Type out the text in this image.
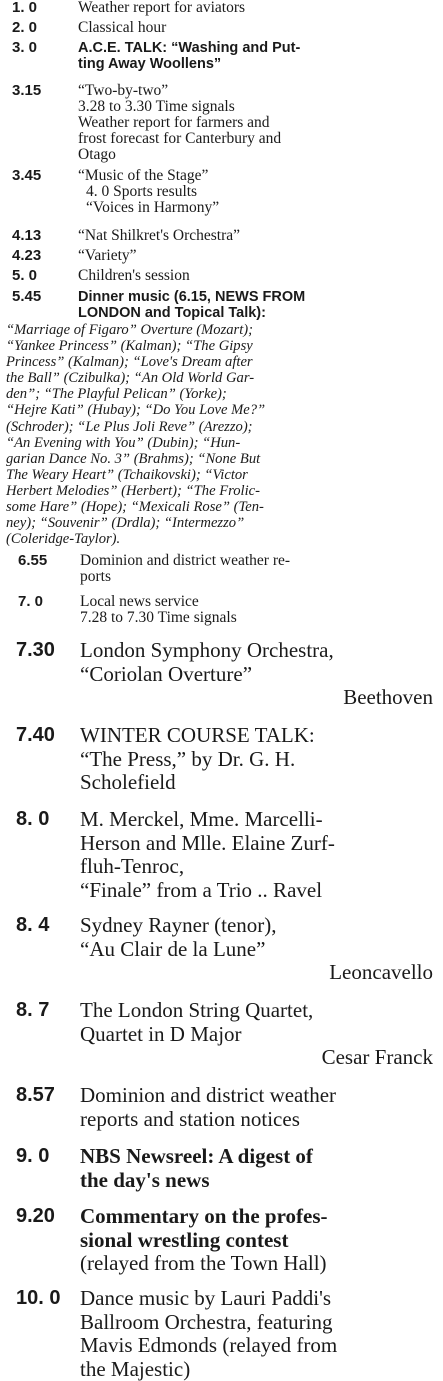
1. 0	Weather report for aviators
2. 0	Classical hour
3. 0	A.C.E. TALK: “Washing and Put-
ting Away Woollens”
3.15	“Two-by-two”
3.28 to 3.30 Time signals
Weather report for farmers and
frost forecast for Canterbury and
Otago
3.45	“Music of the Stage”
4. 0 Sports results
“Voices in Harmony”
4.13	“Nat Shilkret's Orchestra”
4.23	“Variety”
5. 0	Children's session
5.45	Dinner music (6.15, NEWS FROM
LONDON and Topical Talk):
“Marriage of Figaro” Overture (Mozart);
“Yankee Princess” (Kalman); “The Gipsy
Princess” (Kalman); “Love's Dream after
the Ball” (Czibulka); “An Old World Gar-
den”; “The Playful Pelican” (Yorke);
“Hejre Kati” (Hubay); “Do You Love Me?”
(Schroder); “Le Plus Joli Reve” (Arezzo);
“An Evening with You” (Dubin); “Hun-
garian Dance No. 3” (Brahms); “None But
The Weary Heart” (Tchaikovski); “Victor
Herbert Melodies” (Herbert); “The Frolic-
some Hare” (Hope); “Mexicali Rose” (Ten-
ney); “Souvenir” (Drdla); “Intermezzo”
(Coleridge-Taylor).
6.55	Dominion and district weather re-
ports
7. 0	Local news service
7.28 to 7.30 Time signals
7.30	London Symphony Orchestra,
“Coriolan Overture”
Beethoven
7.40	WINTER COURSE TALK:
“The Press,” by Dr. G. H.
Scholefield
8. 0	M. Merckel, Mme. Marcelli-
Herson and Mlle. Elaine Zurf-
fluh-Tenroc,
“Finale” from a Trio .. Ravel
8. 4	Sydney Rayner (tenor),
“Au Clair de la Lune”
Leoncavello
8. 7	The London String Quartet,
Quartet in D Major
Cesar Franck
8.57	Dominion and district weather
reports and station notices
9. 0	NBS Newsreel: A digest of
the day's news
9.20	Commentary on the profes-
sional wrestling contest
(relayed from the Town Hall)
10. 0 Dance music by Lauri Paddi's
Ballroom Orchestra, featuring
Mavis Edmonds (relayed from
the Majestic)
